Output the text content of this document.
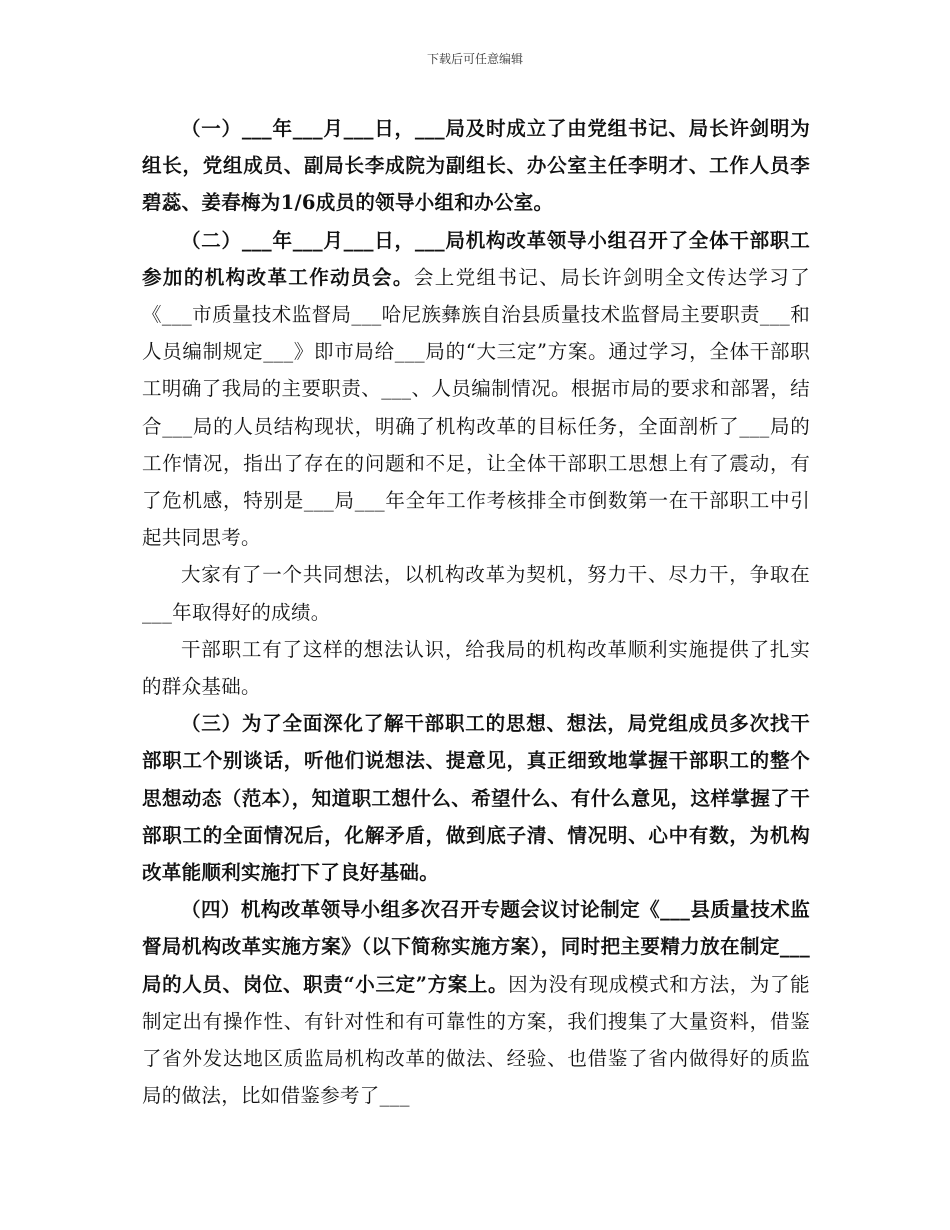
下载后可任意编辑

（一）___年___月___日，___局及时成立了由党组书记、局长许剑明为组长，党组成员、副局长李成院为副组长、办公室主任李明才、工作人员李碧蕊、姜春梅为1/6成员的领导小组和办公室。

（二）___年___月___日，___局机构改革领导小组召开了全体干部职工参加的机构改革工作动员会。会上党组书记、局长许剑明全文传达学习了《___市质量技术监督局___哈尼族彝族自治县质量技术监督局主要职责___和人员编制规定___》即市局给___局的“大三定”方案。通过学习，全体干部职工明确了我局的主要职责、___、人员编制情况。根据市局的要求和部署，结合___局的人员结构现状，明确了机构改革的目标任务，全面剖析了___局的工作情况，指出了存在的问题和不足，让全体干部职工思想上有了震动，有了危机感，特别是___局___年全年工作考核排全市倒数第一在干部职工中引起共同思考。

大家有了一个共同想法，以机构改革为契机，努力干、尽力干，争取在___年取得好的成绩。

干部职工有了这样的想法认识，给我局的机构改革顺利实施提供了扎实的群众基础。

（三）为了全面深化了解干部职工的思想、想法，局党组成员多次找干部职工个别谈话，听他们说想法、提意见，真正细致地掌握干部职工的整个思想动态（范本），知道职工想什么、希望什么、有什么意见，这样掌握了干部职工的全面情况后，化解矛盾，做到底子清、情况明、心中有数，为机构改革能顺利实施打下了良好基础。

（四）机构改革领导小组多次召开专题会议讨论制定《___县质量技术监督局机构改革实施方案》（以下简称实施方案），同时把主要精力放在制定___局的人员、岗位、职责“小三定”方案上。因为没有现成模式和方法，为了能制定出有操作性、有针对性和有可靠性的方案，我们搜集了大量资料，借鉴了省外发达地区质监局机构改革的做法、经验、也借鉴了省内做得好的质监局的做法，比如借鉴参考了___
